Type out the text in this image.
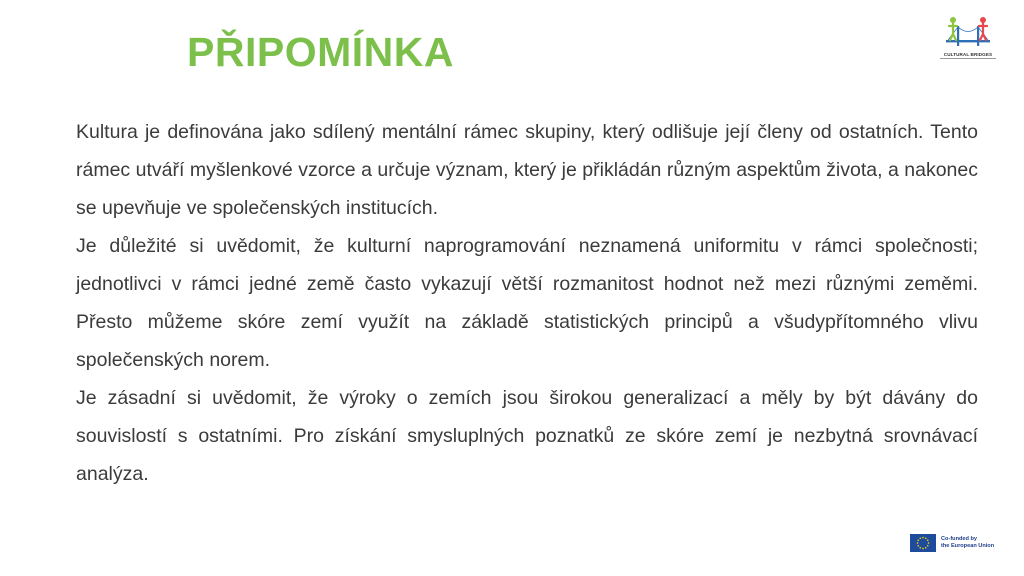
PŘIPOMÍNKA	CULTURAL BRIDGES

Kultura je definována jako sdílený mentální rámec skupiny, který odlišuje její členy od ostatních. Tento rámec utváří myšlenkové vzorce a určuje význam, který je přikládán různým aspektům života, a nakonec se upevňuje ve společenských institucích.

Je důležité si uvědomit, že kulturní naprogramování neznamená uniformitu v rámci společnosti; jednotlivci v rámci jedné země často vykazují větší rozmanitost hodnot než mezi různými zeměmi. Přesto můžeme skóre zemí využít na základě statistických principů a všudypřítomného vlivu společenských norem.

Je zásadní si uvědomit, že výroky o zemích jsou širokou generalizací a měly by být dávány do souvislostí s ostatními. Pro získání smysluplných poznatků ze skóre zemí je nezbytná srovnávací analýza.

Co-funded by
the European Union
